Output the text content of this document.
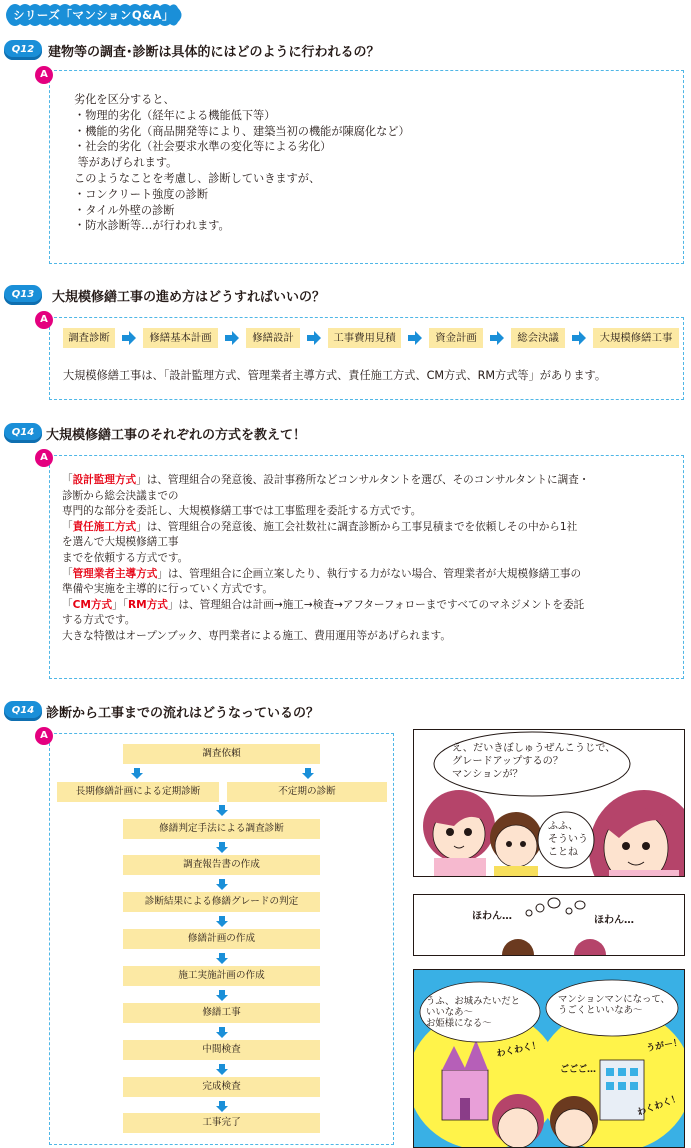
シリーズ「マンションQ&A」
Q12	建物等の調査･診断は具体的にはどのように行われるの？
A
劣化を区分すると、
・物理的劣化（経年による機能低下等）
・機能的劣化（商品開発等により、建築当初の機能が陳腐化など）
・社会的劣化（社会要求水準の変化等による劣化）
等があげられます。
このようなことを考慮し、診断していきますが、
・コンクリート強度の診断
・タイル外壁の診断
・防水診断等…が行われます。
Q13	大規模修繕工事の進め方はどうすればいいの？
A
調査診断	修繕基本計画	修繕設計	工事費用見積	資金計画	総会決議	大規模修繕工事
大規模修繕工事は、「設計監理方式、管理業者主導方式、責任施工方式、CM方式、RM方式等」があります。
Q14 大規模修繕工事のそれぞれの方式を教えて！
A
「設計監理方式」は、管理組合の発意後、設計事務所などコンサルタントを選び、そのコンサルタントに調査・
診断から総会決議までの
専門的な部分を委託し、大規模修繕工事では工事監理を委託する方式です。
「責任施工方式」は、管理組合の発意後、施工会社数社に調査診断から工事見積までを依頼しその中から1社
を選んで大規模修繕工事
までを依頼する方式です。
「管理業者主導方式」は、管理組合に企画立案したり、執行する力がない場合、管理業者が大規模修繕工事の
準備や実施を主導的に行っていく方式です。
「CM方式」「RM方式」は、管理組合は計画→施工→検査→アフターフォローまですべてのマネジメントを委託
する方式です。
大きな特徴はオープンブック、専門業者による施工、費用運用等があげられます。
Q14 診断から工事までの流れはどうなっているの？
A
調査依頼
長期修繕計画による定期診断	不定期の診断
修繕判定手法による調査診断
調査報告書の作成
診断結果による修繕グレードの判定
修繕計画の作成
施工実施計画の作成
修繕工事
中間検査
完成検査
工事完了
え、だいきぼしゅうぜんこうじで、
グレードアップするの？
マンションが？
ふふ、
そういう
ことね
ほわん…	ほわん…
うふ、お城みたいだと
いいなあ～
お姫様になる～
マンションマンになって、
うごくといいなあ～
わくわく！
わくわく！
ごごご…
うが－！
